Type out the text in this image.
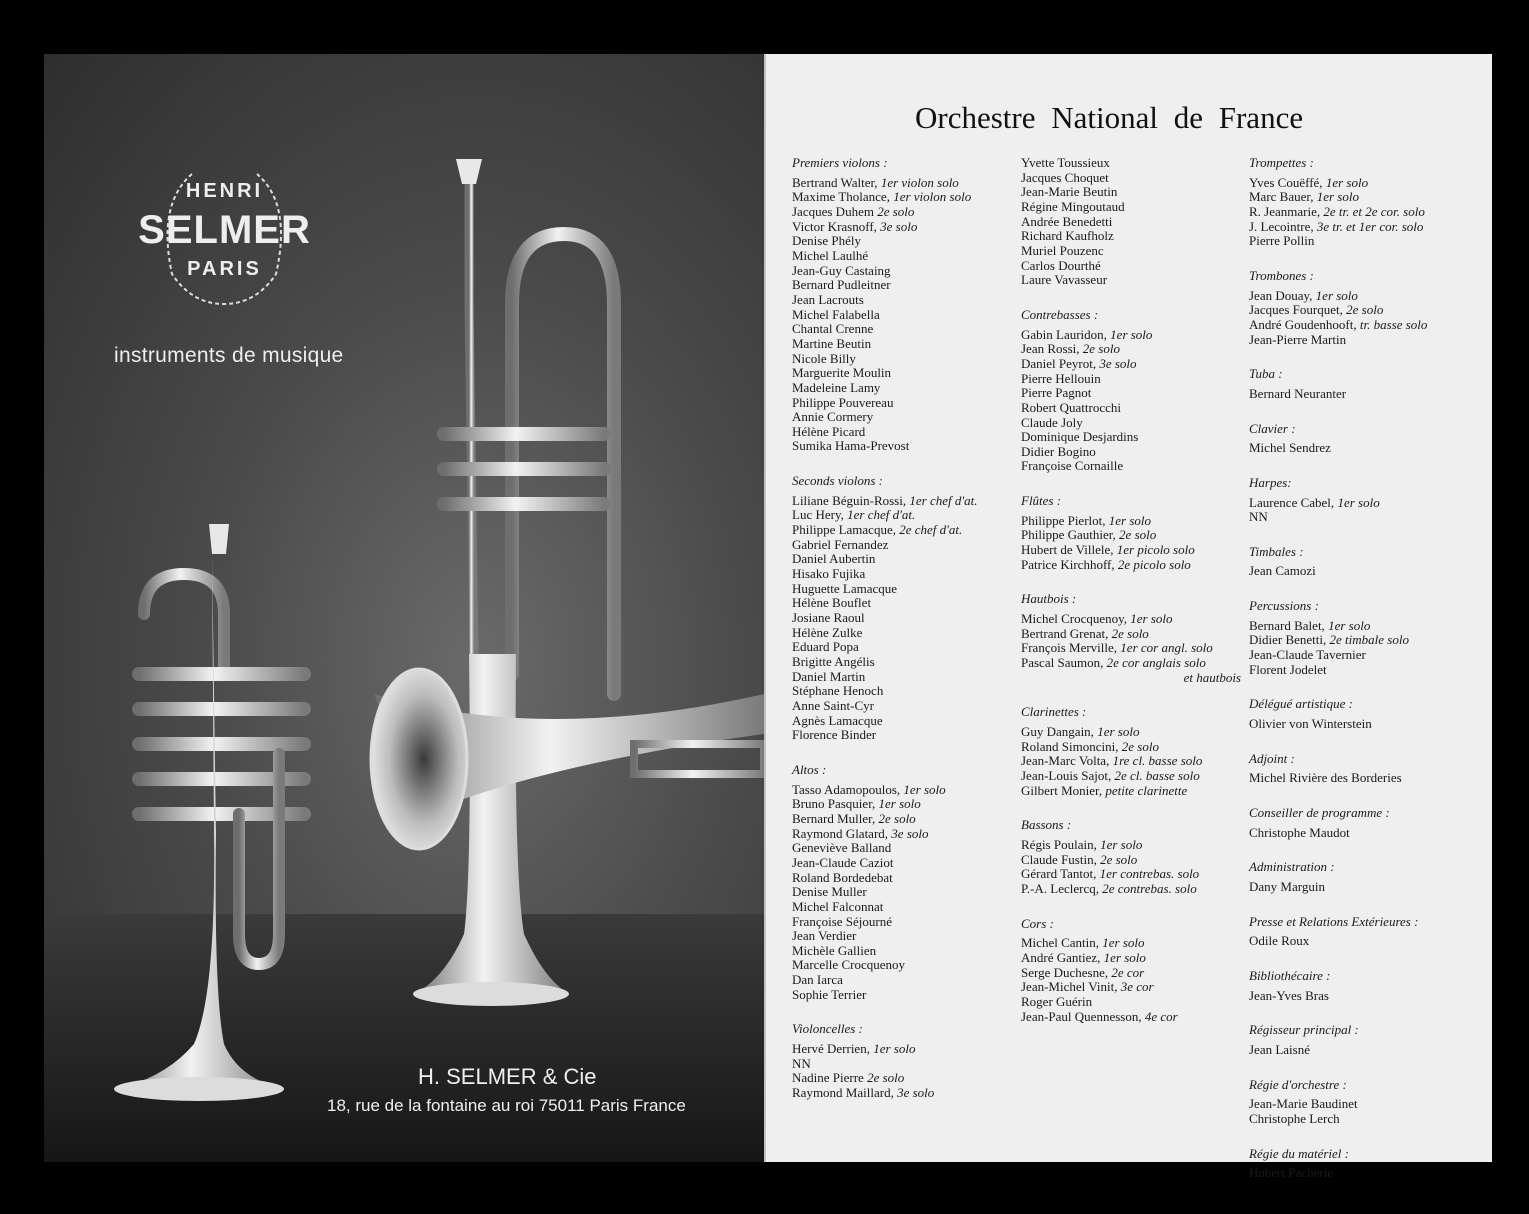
HENRI
SELMER
PARIS
instruments de musique
H. SELMER & Cie
18, rue de la fontaine au roi 75011 Paris France
Orchestre National de France
Premiers violons :
Bertrand Walter, 1er violon solo
Maxime Tholance, 1er violon solo
Jacques Duhem 2e solo
Victor Krasnoff, 3e solo
Denise Phély
Michel Laulhé
Jean-Guy Castaing
Bernard Pudleitner
Jean Lacrouts
Michel Falabella
Chantal Crenne
Martine Beutin
Nicole Billy
Marguerite Moulin
Madeleine Lamy
Philippe Pouvereau
Annie Cormery
Hélène Picard
Sumika Hama-Prevost
Seconds violons :
Liliane Béguin-Rossi, 1er chef d'at.
Luc Hery, 1er chef d'at.
Philippe Lamacque, 2e chef d'at.
Gabriel Fernandez
Daniel Aubertin
Hisako Fujika
Huguette Lamacque
Hélène Bouflet
Josiane Raoul
Hélène Zulke
Eduard Popa
Brigitte Angélis
Daniel Martin
Stéphane Henoch
Anne Saint-Cyr
Agnès Lamacque
Florence Binder
Altos :
Tasso Adamopoulos, 1er solo
Bruno Pasquier, 1er solo
Bernard Muller, 2e solo
Raymond Glatard, 3e solo
Geneviève Balland
Jean-Claude Caziot
Roland Bordedebat
Denise Muller
Michel Falconnat
Françoise Séjourné
Jean Verdier
Michèle Gallien
Marcelle Crocquenoy
Dan Iarca
Sophie Terrier
Violoncelles :
Hervé Derrien, 1er solo
NN
Nadine Pierre 2e solo
Raymond Maillard, 3e solo
Yvette Toussieux
Jacques Choquet
Jean-Marie Beutin
Régine Mingoutaud
Andrée Benedetti
Richard Kaufholz
Muriel Pouzenc
Carlos Dourthé
Laure Vavasseur
Contrebasses :
Gabin Lauridon, 1er solo
Jean Rossi, 2e solo
Daniel Peyrot, 3e solo
Pierre Hellouin
Pierre Pagnot
Robert Quattrocchi
Claude Joly
Dominique Desjardins
Didier Bogino
Françoise Cornaille
Flûtes :
Philippe Pierlot, 1er solo
Philippe Gauthier, 2e solo
Hubert de Villele, 1er picolo solo
Patrice Kirchhoff, 2e picolo solo
Hautbois :
Michel Crocquenoy, 1er solo
Bertrand Grenat, 2e solo
François Merville, 1er cor angl. solo
Pascal Saumon, 2e cor anglais solo
et hautbois
Clarinettes :
Guy Dangain, 1er solo
Roland Simoncini, 2e solo
Jean-Marc Volta, 1re cl. basse solo
Jean-Louis Sajot, 2e cl. basse solo
Gilbert Monier, petite clarinette
Bassons :
Régis Poulain, 1er solo
Claude Fustin, 2e solo
Gérard Tantot, 1er contrebas. solo
P.-A. Leclercq, 2e contrebas. solo
Cors :
Michel Cantin, 1er solo
André Gantiez, 1er solo
Serge Duchesne, 2e cor
Jean-Michel Vinit, 3e cor
Roger Guérin
Jean-Paul Quennesson, 4e cor
Trompettes :
Yves Couëffé, 1er solo
Marc Bauer, 1er solo
R. Jeanmarie, 2e tr. et 2e cor. solo
J. Lecointre, 3e tr. et 1er cor. solo
Pierre Pollin
Trombones :
Jean Douay, 1er solo
Jacques Fourquet, 2e solo
André Goudenhooft, tr. basse solo
Jean-Pierre Martin
Tuba :
Bernard Neuranter
Clavier :
Michel Sendrez
Harpes:
Laurence Cabel, 1er solo
NN
Timbales :
Jean Camozi
Percussions :
Bernard Balet, 1er solo
Didier Benetti, 2e timbale solo
Jean-Claude Tavernier
Florent Jodelet
Délégué artistique :
Olivier von Winterstein
Adjoint :
Michel Rivière des Borderies
Conseiller de programme :
Christophe Maudot
Administration :
Dany Marguin
Presse et Relations Extérieures :
Odile Roux
Bibliothécaire :
Jean-Yves Bras
Régisseur principal :
Jean Laisné
Régie d'orchestre :
Jean-Marie Baudinet
Christophe Lerch
Régie du matériel :
Hubert Pacherie
